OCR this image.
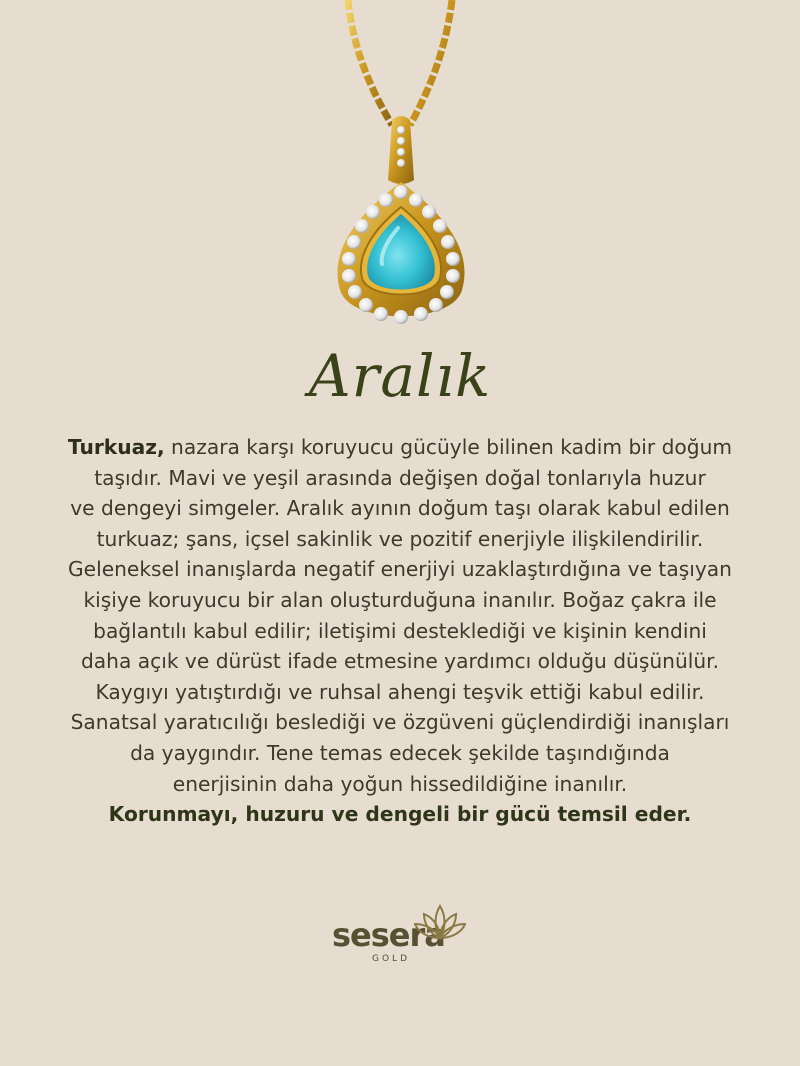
Aralık
Turkuaz, nazara karşı koruyucu gücüyle bilinen kadim bir doğum
taşıdır. Mavi ve yeşil arasında değişen doğal tonlarıyla huzur
ve dengeyi simgeler. Aralık ayının doğum taşı olarak kabul edilen
turkuaz; şans, içsel sakinlik ve pozitif enerjiyle ilişkilendirilir.
Geleneksel inanışlarda negatif enerjiyi uzaklaştırdığına ve taşıyan
kişiye koruyucu bir alan oluşturduğuna inanılır. Boğaz çakra ile
bağlantılı kabul edilir; iletişimi desteklediği ve kişinin kendini
daha açık ve dürüst ifade etmesine yardımcı olduğu düşünülür.
Kaygıyı yatıştırdığı ve ruhsal ahengi teşvik ettiği kabul edilir.
Sanatsal yaratıcılığı beslediği ve özgüveni güçlendirdiği inanışları
da yaygındır. Tene temas edecek şekilde taşındığında
enerjisinin daha yoğun hissedildiğine inanılır.
Korunmayı, huzuru ve dengeli bir gücü temsil eder.
sesera
GOLD
